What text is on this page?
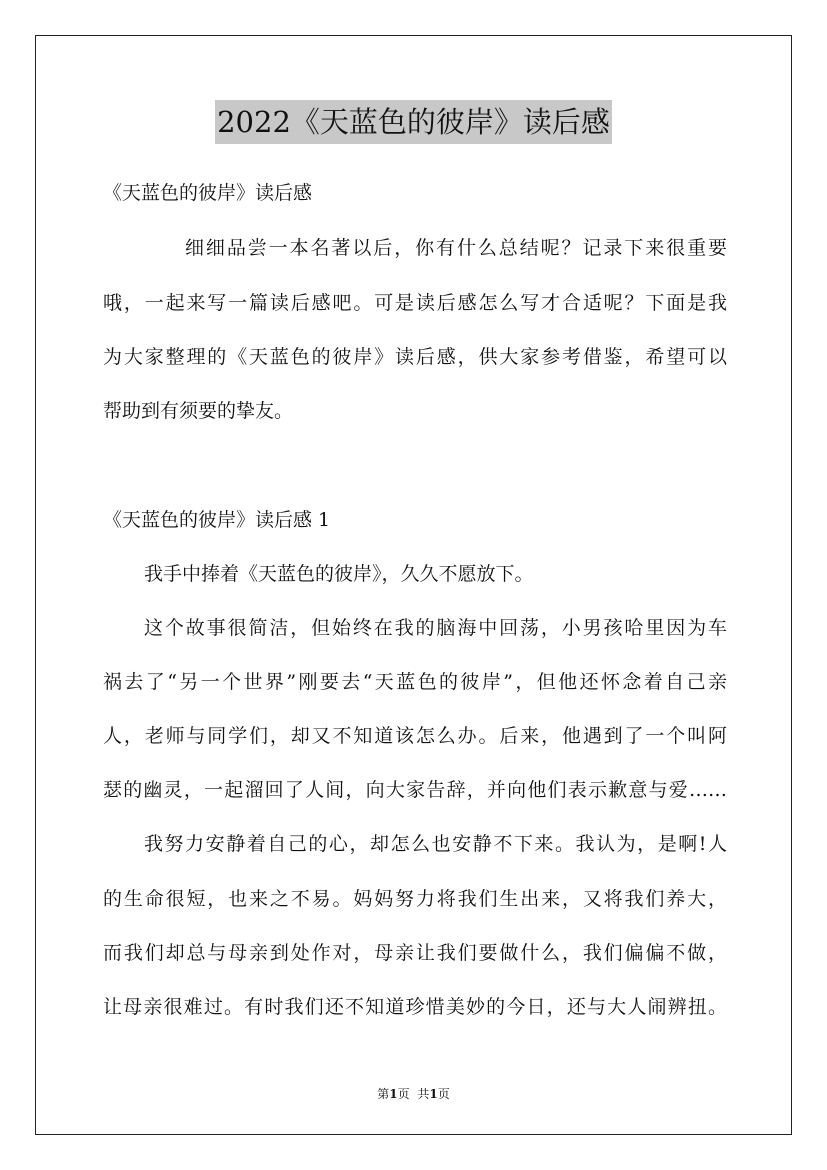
2022《天蓝色的彼岸》读后感
《天蓝色的彼岸》读后感
细细品尝一本名著以后，你有什么总结呢？记录下来很重要
哦，一起来写一篇读后感吧。可是读后感怎么写才合适呢？下面是我
为大家整理的《天蓝色的彼岸》读后感，供大家参考借鉴，希望可以
帮助到有须要的挚友。
《天蓝色的彼岸》读后感 1
我手中捧着《天蓝色的彼岸》，久久不愿放下。
这个故事很简洁，但始终在我的脑海中回荡，小男孩哈里因为车
祸去了“另一个世界”刚要去“天蓝色的彼岸”，但他还怀念着自己亲
人，老师与同学们，却又不知道该怎么办。后来，他遇到了一个叫阿
瑟的幽灵，一起溜回了人间，向大家告辞，并向他们表示歉意与爱……
我努力安静着自己的心，却怎么也安静不下来。我认为，是啊!人
的生命很短，也来之不易。妈妈努力将我们生出来，又将我们养大，
而我们却总与母亲到处作对，母亲让我们要做什么，我们偏偏不做，
让母亲很难过。有时我们还不知道珍惜美妙的今日，还与大人闹辨扭。
第1页 共1页
